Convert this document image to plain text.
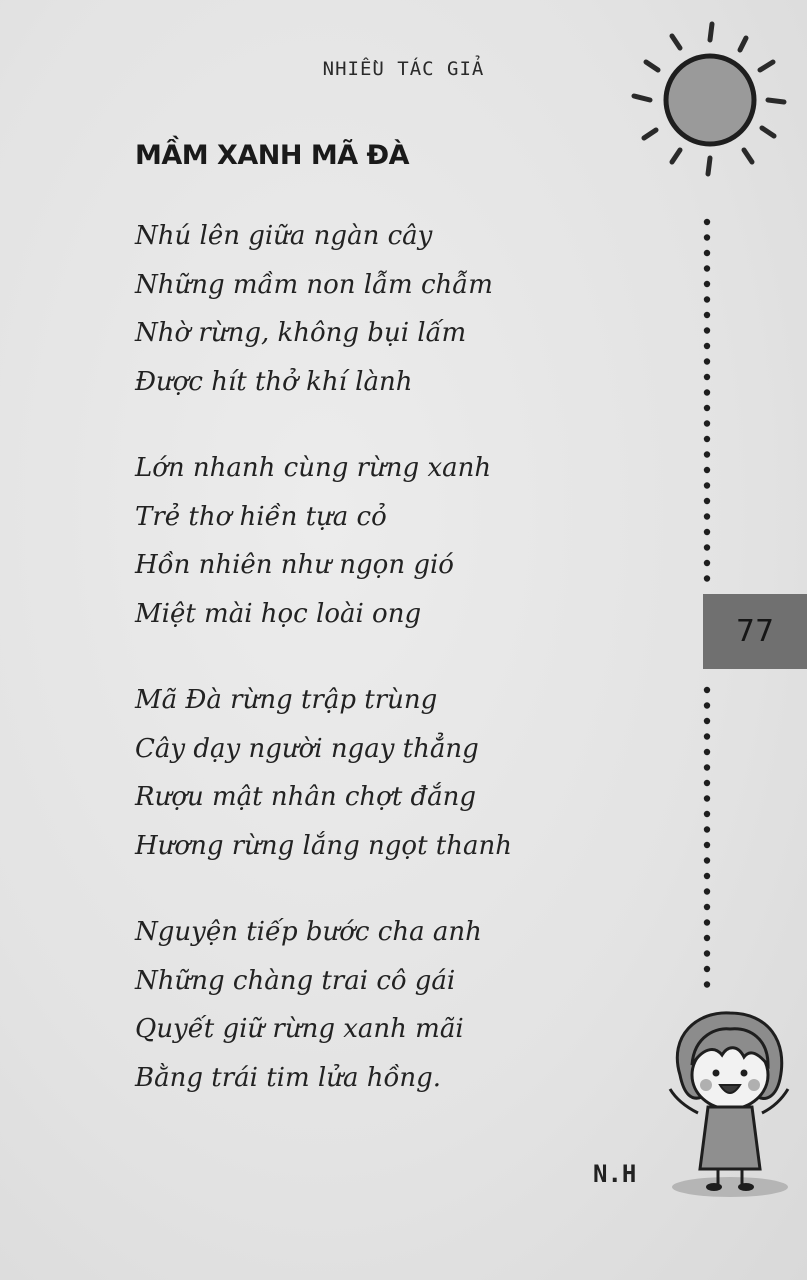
NHIỀU TÁC GIẢ
MẦM XANH MÃ ĐÀ
Nhú lên giữa ngàn cây
Những mầm non lẫm chẫm
Nhờ rừng, không bụi lấm
Được hít thở khí lành
Lớn nhanh cùng rừng xanh
Trẻ thơ hiền tựa cỏ
Hồn nhiên như ngọn gió
Miệt mài học loài ong
Mã Đà rừng trập trùng
Cây dạy người ngay thẳng
Rượu mật nhân chợt đắng
Hương rừng lắng ngọt thanh
Nguyện tiếp bước cha anh
Những chàng trai cô gái
Quyết giữ rừng xanh mãi
Bằng trái tim lửa hồng.
N.H
77
